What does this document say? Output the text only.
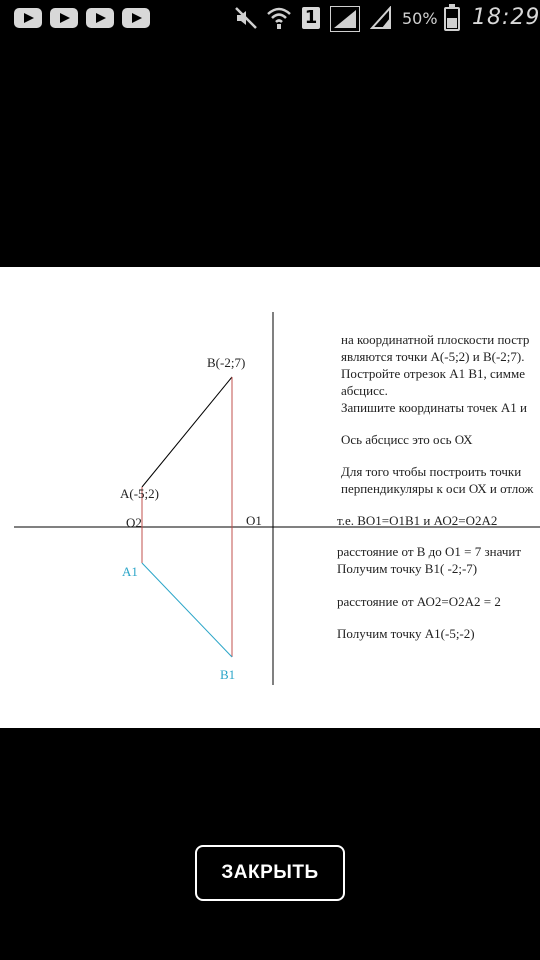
1	50% 18:29
B(-2;7)
A(-5;2)
O2	O1
A1
B1
на координатной плоскости постр
являются точки А(-5;2) и В(-2;7).
Постройте отрезок А1 В1, симме
абсцисс.
Запишите координаты точек А1 и
Ось абсцисс это ось ОХ
Для того чтобы построить точки
перпендикуляры к оси ОХ и отлож
т.е. ВО1=О1В1 и АО2=О2А2
расстояние от В до О1 = 7 значит
Получим точку В1( -2;-7)
расстояние от АО2=О2А2 = 2
Получим точку А1(-5;-2)
ЗАКРЫТЬ
